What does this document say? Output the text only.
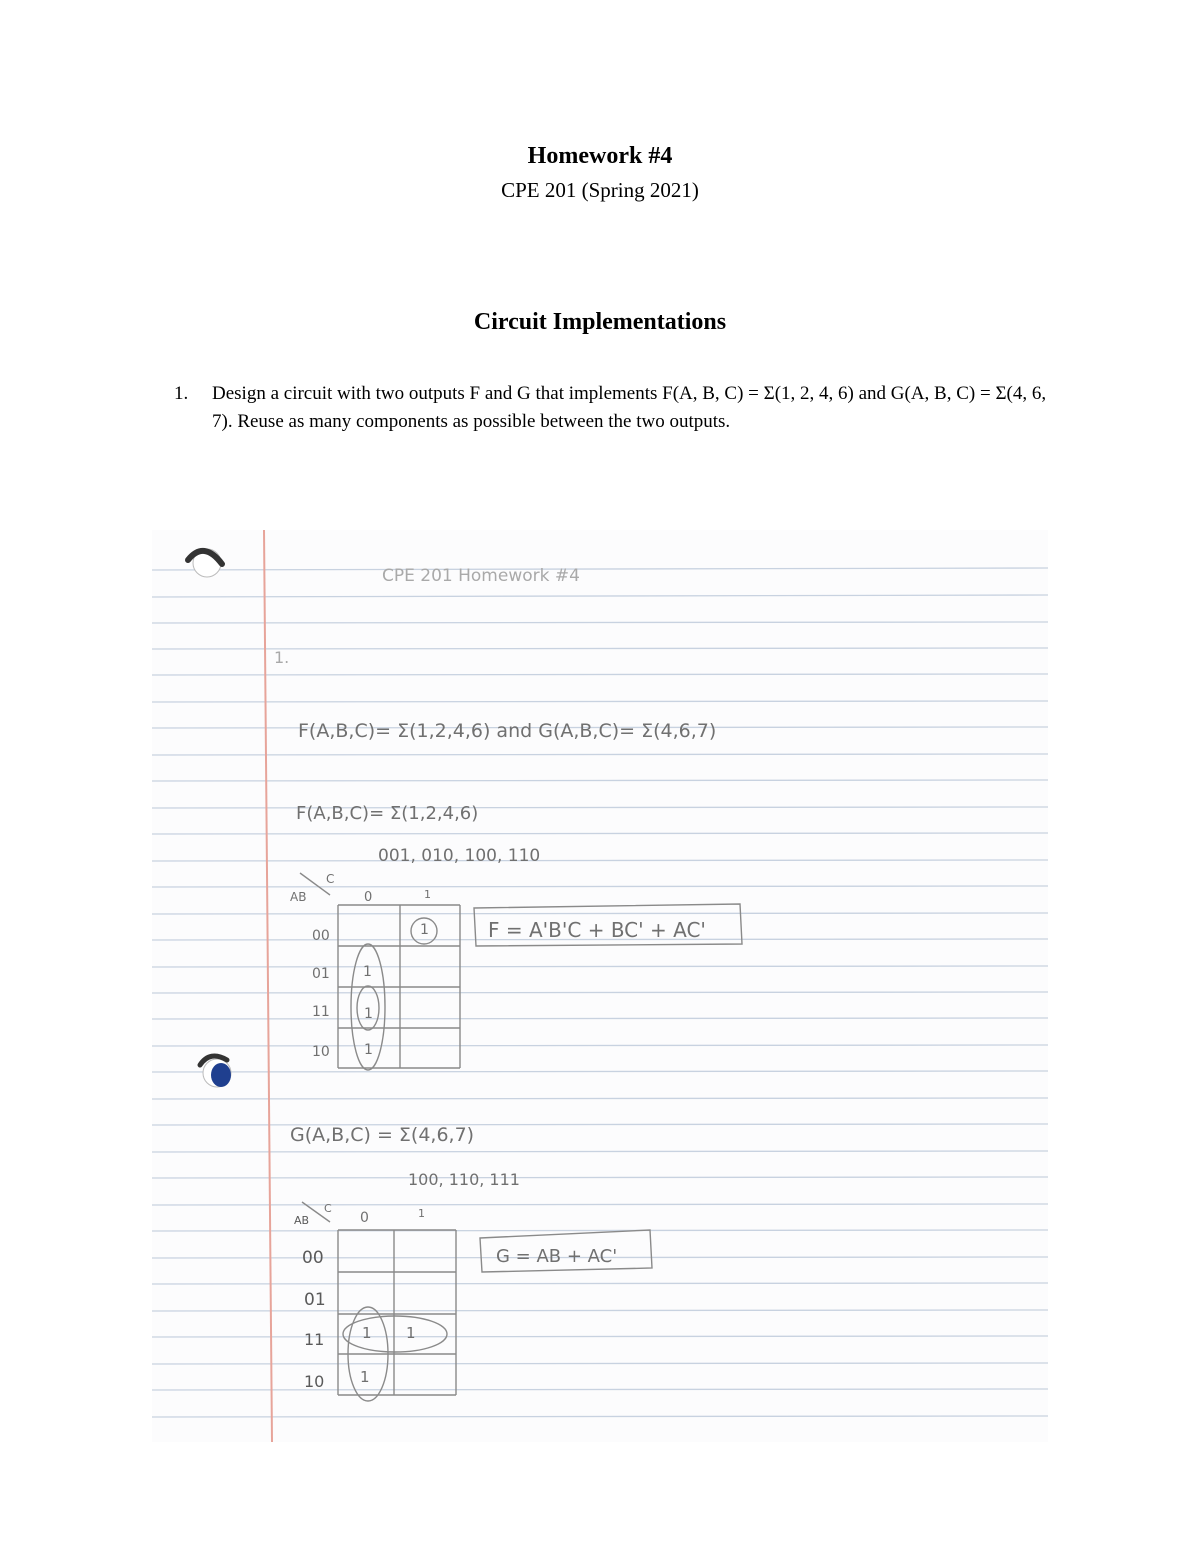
Homework #4
CPE 201 (Spring 2021)
Circuit Implementations
1. Design a circuit with two outputs F and G that implements F(A, B, C) = Σ(1, 2, 4, 6) and G(A, B, C) = Σ(4, 6, 7). Reuse as many components as possible between the two outputs.
CPE 201 Homework #4
1.
F(A,B,C)= Σ(1,2,4,6) and G(A,B,C)= Σ(4,6,7)
F(A,B,C)= Σ(1,2,4,6)
001, 010, 100, 110
AB
C
0	1
00
01
11
10
1
1
1
1
F = A'B'C + BC' + AC'
G(A,B,C) = Σ(4,6,7)
100, 110, 111
AB
C
0	1
00
01
11
10
1 1
1
G = AB + AC'
